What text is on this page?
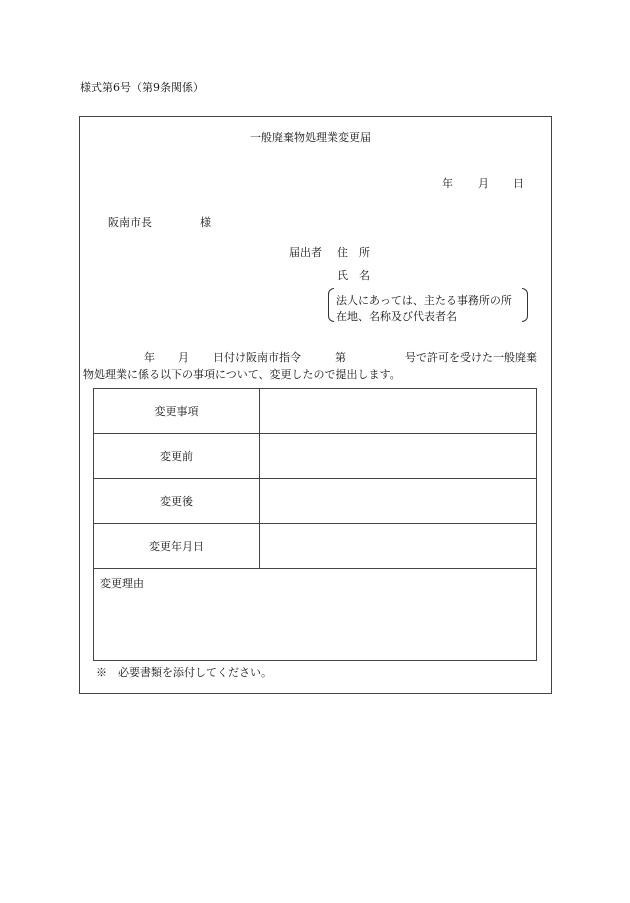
様式第6号（第9条関係）
一般廃棄物処理業変更届
年 月 日
阪南市長	様
届出者 住　所
氏　名
法人にあっては、主たる事務所の所
在地、名称及び代表者名
年 月 日付け阪南市指令	第	号で許可を受けた一般廃棄
物処理業に係る以下の事項について、変更したので提出します。
変更事項
変更前
変更後
変更年月日
変更理由
※　必要書類を添付してください。
